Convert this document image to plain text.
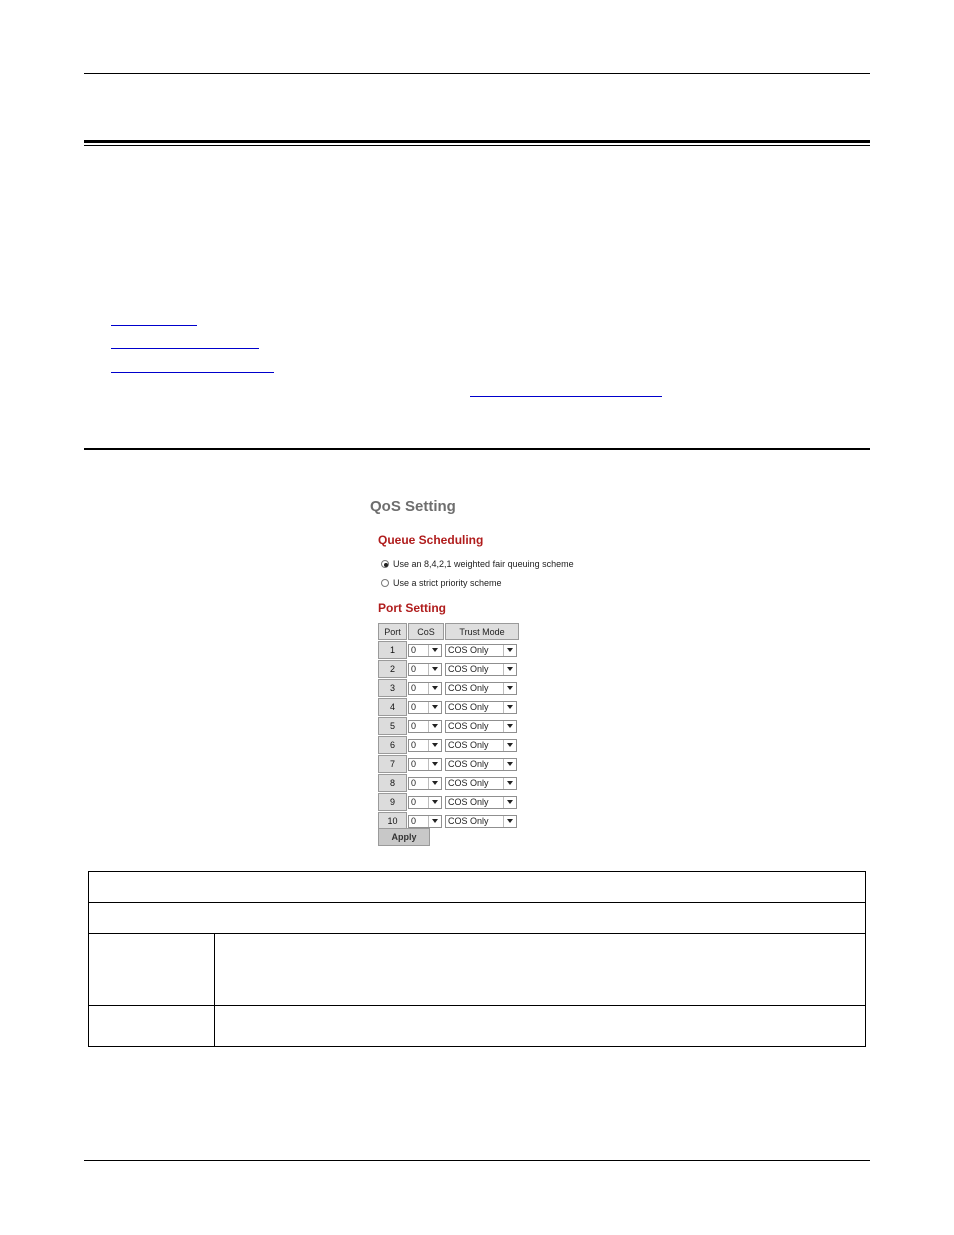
QoS Setting
Queue Scheduling
Use an 8,4,2,1 weighted fair queuing scheme
Use a strict priority scheme
Port Setting
Port	CoS	Trust Mode
1	0	COS Only

2	0	COS Only

3	0	COS Only

4	0	COS Only

5	0	COS Only

6	0	COS Only

7	0	COS Only

8	0	COS Only

9	0	COS Only

10	0	COS Only
Apply
